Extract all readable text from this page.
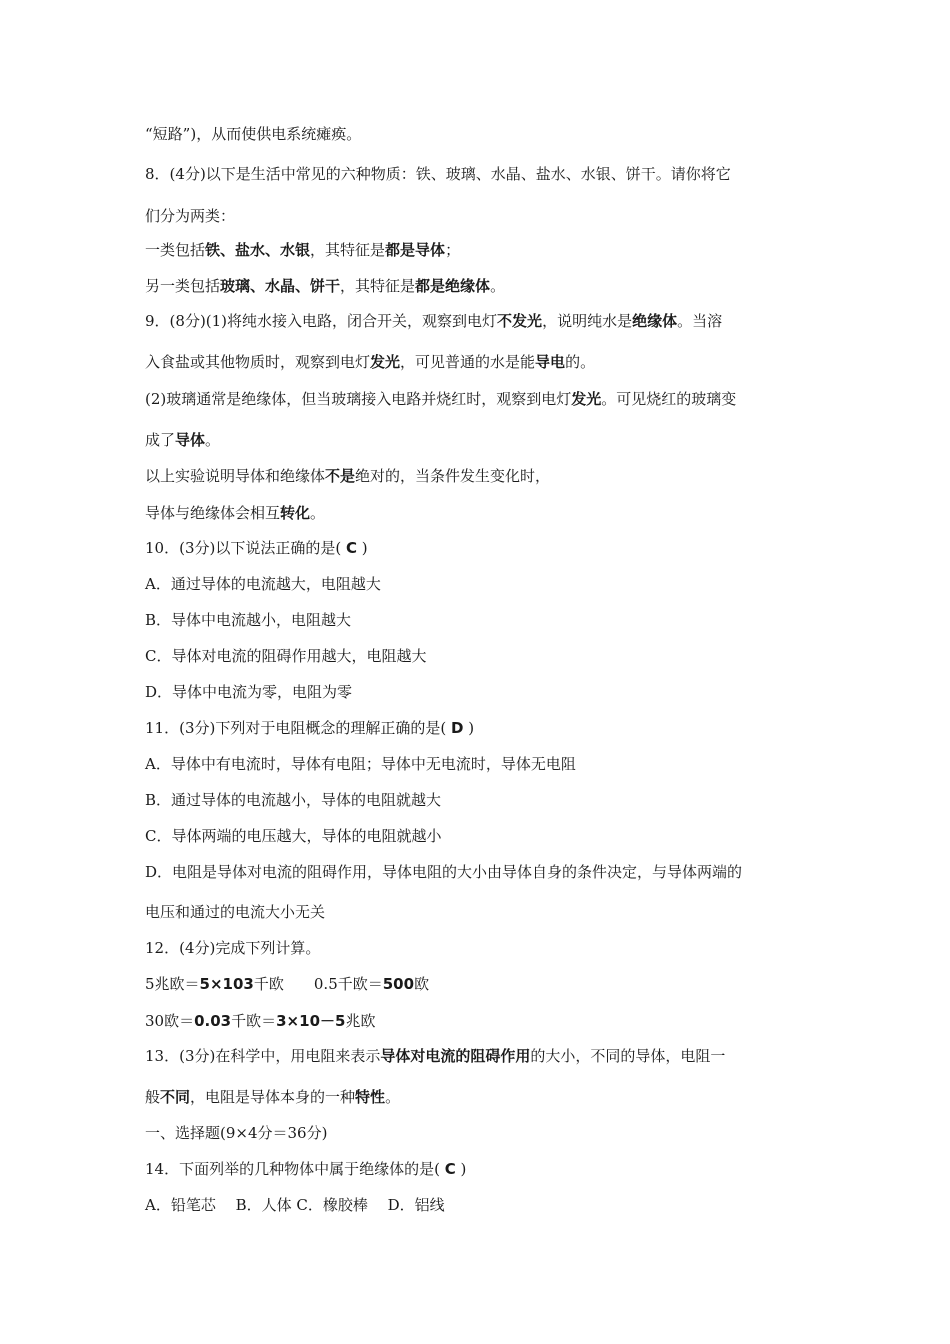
“短路”)，从而使供电系统瘫痪。
8．(4分)以下是生活中常见的六种物质：铁、玻璃、水晶、盐水、水银、饼干。请你将它
们分为两类：
一类包括铁、盐水、水银，其特征是都是导体；
另一类包括玻璃、水晶、饼干，其特征是都是绝缘体。
9．(8分)(1)将纯水接入电路，闭合开关，观察到电灯不发光，说明纯水是绝缘体。当溶
入食盐或其他物质时，观察到电灯发光，可见普通的水是能导电的。
(2)玻璃通常是绝缘体，但当玻璃接入电路并烧红时，观察到电灯发光。可见烧红的玻璃变
成了导体。
以上实验说明导体和绝缘体不是绝对的，当条件发生变化时，
导体与绝缘体会相互转化。
10．(3分)以下说法正确的是( C )
A．通过导体的电流越大，电阻越大
B．导体中电流越小，电阻越大
C．导体对电流的阻碍作用越大，电阻越大
D．导体中电流为零，电阻为零
11．(3分)下列对于电阻概念的理解正确的是( D )
A．导体中有电流时，导体有电阻；导体中无电流时，导体无电阻
B．通过导体的电流越小，导体的电阻就越大
C．导体两端的电压越大，导体的电阻就越小
D．电阻是导体对电流的阻碍作用，导体电阻的大小由导体自身的条件决定，与导体两端的
电压和通过的电流大小无关
12．(4分)完成下列计算。
5兆欧＝5×103千欧 0.5千欧＝500欧
30欧＝0.03千欧＝3×10－5兆欧
13．(3分)在科学中，用电阻来表示导体对电流的阻碍作用的大小，不同的导体，电阻一
般不同，电阻是导体本身的一种特性。
一、选择题(9×4分＝36分)
14．下面列举的几种物体中属于绝缘体的是( C )
A．铅笔芯　 B．人体 C．橡胶棒　 D．铝线
